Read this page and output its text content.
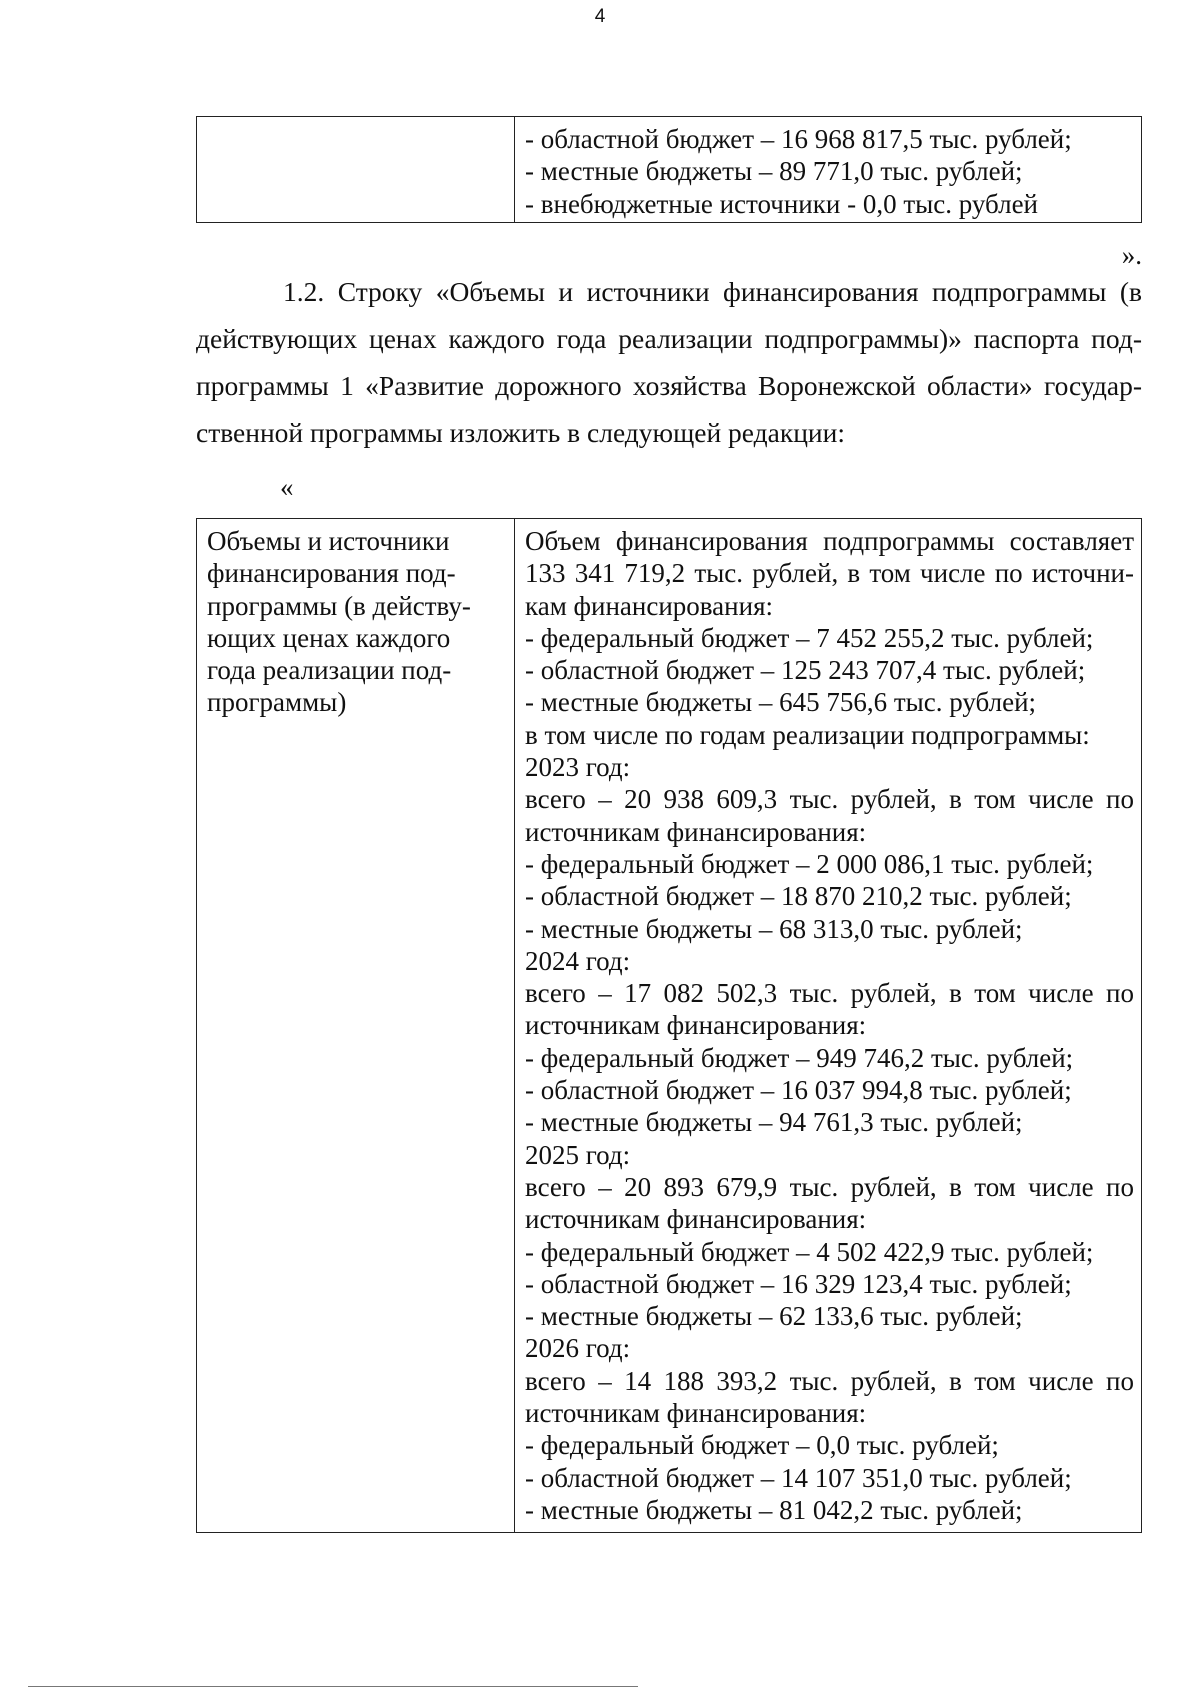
4

- областной бюджет – 16 968 817,5 тыс. рублей;
- местные бюджеты – 89 771,0 тыс. рублей;
- внебюджетные источники - 0,0 тыс. рублей
».
1.2. Строку «Объемы и источники финансирования подпрограммы (в
действующих ценах каждого года реализации подпрограммы)» паспорта под-
программы 1 «Развитие дорожного хозяйства Воронежской области» государ-
ственной программы изложить в следующей редакции:
«
Объемы и источники
финансирования под-
программы (в действу-
ющих ценах каждого
года реализации под-
программы)

Объем финансирования подпрограммы составляет
133 341 719,2 тыс. рублей, в том числе по источни-
кам финансирования:
- федеральный бюджет – 7 452 255,2 тыс. рублей;
- областной бюджет – 125 243 707,4 тыс. рублей;
- местные бюджеты – 645 756,6 тыс. рублей;
в том числе по годам реализации подпрограммы:
2023 год:
всего – 20 938 609,3 тыс. рублей, в том числе по
источникам финансирования:
- федеральный бюджет – 2 000 086,1 тыс. рублей;
- областной бюджет – 18 870 210,2 тыс. рублей;
- местные бюджеты – 68 313,0 тыс. рублей;
2024 год:
всего – 17 082 502,3 тыс. рублей, в том числе по
источникам финансирования:
- федеральный бюджет – 949 746,2 тыс. рублей;
- областной бюджет – 16 037 994,8 тыс. рублей;
- местные бюджеты – 94 761,3 тыс. рублей;
2025 год:
всего – 20 893 679,9 тыс. рублей, в том числе по
источникам финансирования:
- федеральный бюджет – 4 502 422,9 тыс. рублей;
- областной бюджет – 16 329 123,4 тыс. рублей;
- местные бюджеты – 62 133,6 тыс. рублей;
2026 год:
всего – 14 188 393,2 тыс. рублей, в том числе по
источникам финансирования:
- федеральный бюджет – 0,0 тыс. рублей;
- областной бюджет – 14 107 351,0 тыс. рублей;
- местные бюджеты – 81 042,2 тыс. рублей;
